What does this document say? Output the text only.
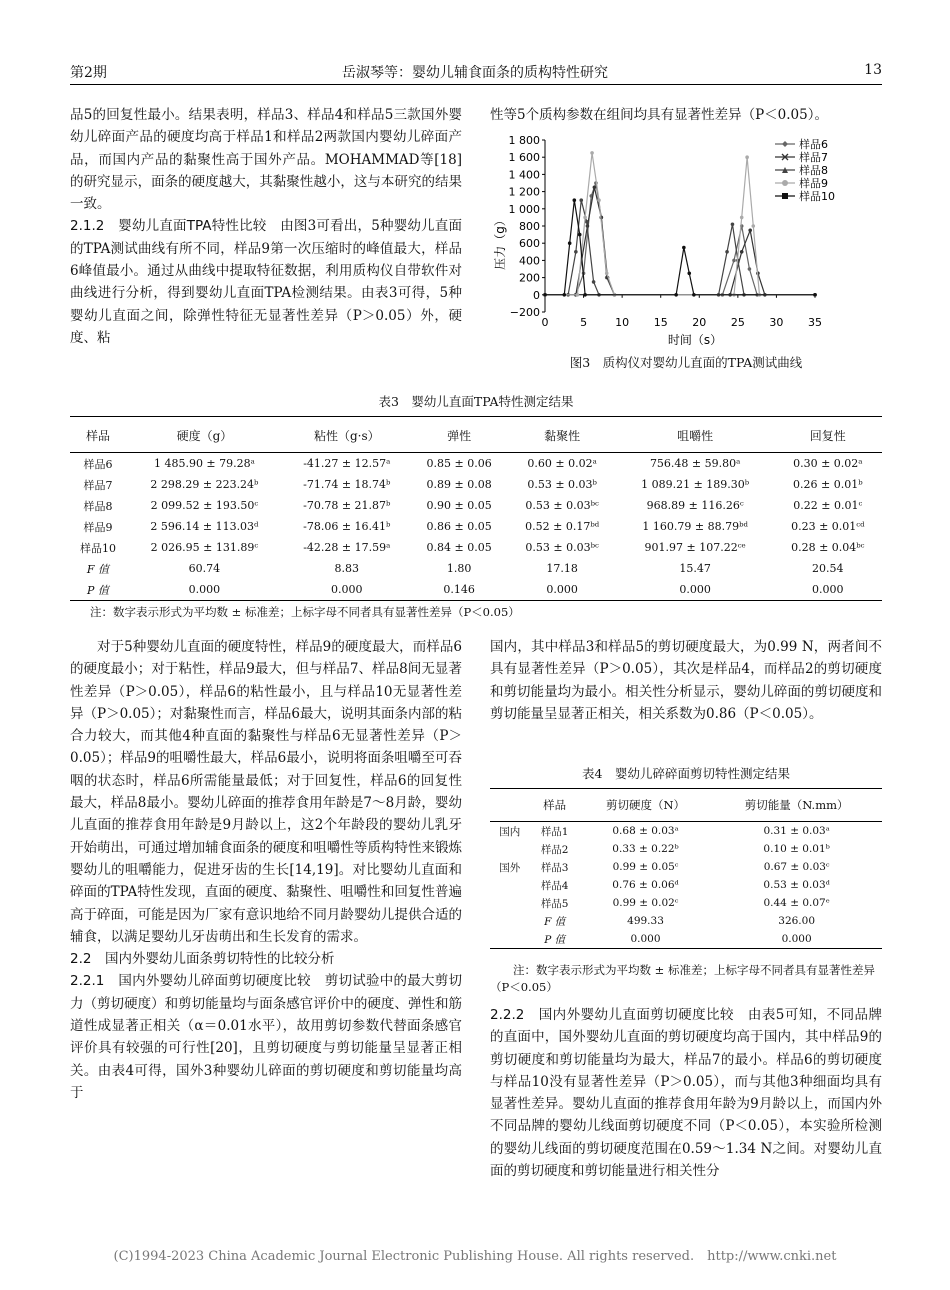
第2期	岳淑琴等：婴幼儿辅食面条的质构特性研究	13

品5的回复性最小。结果表明，样品3、样品4和样品5三款国外婴幼儿碎面产品的硬度均高于样品1和样品2两款国内婴幼儿碎面产品，而国内产品的黏聚性高于国外产品。MOHAMMAD等[18]的研究显示，面条的硬度越大，其黏聚性越小，这与本研究的结果一致。

2.1.2　婴幼儿直面TPA特性比较　由图3可看出，5种婴幼儿直面的TPA测试曲线有所不同，样品9第一次压缩时的峰值最大，样品6峰值最小。通过从曲线中提取特征数据，利用质构仪自带软件对曲线进行分析，得到婴幼儿直面TPA检测结果。由表3可得，5种婴幼儿直面之间，除弹性特征无显著性差异（P＞0.05）外，硬度、粘

性等5个质构参数在组间均具有显著性差异（P＜0.05）。

−200
0
200
400
600
800
1 000
1 200
1 400
1 600
1 800
0	5	10 15 20 25 30 35
样品6
样品7
样品8
样品9
样品10
压力（g）
时间（s）
图3　质构仪对婴幼儿直面的TPA测试曲线
表3　婴幼儿直面TPA特性测定结果
样品	硬度（g）	粘性（g·s）	弹性	黏聚性	咀嚼性	回复性
样品6	1 485.90 ± 79.28ᵃ	-41.27 ± 12.57ᵃ	0.85 ± 0.06	0.60 ± 0.02ᵃ	756.48 ± 59.80ᵃ	0.30 ± 0.02ᵃ
样品7	2 298.29 ± 223.24ᵇ	-71.74 ± 18.74ᵇ	0.89 ± 0.08	0.53 ± 0.03ᵇ	1 089.21 ± 189.30ᵇ	0.26 ± 0.01ᵇ
样品8	2 099.52 ± 193.50ᶜ	-70.78 ± 21.87ᵇ	0.90 ± 0.05	0.53 ± 0.03ᵇᶜ	968.89 ± 116.26ᶜ	0.22 ± 0.01ᶜ
样品9	2 596.14 ± 113.03ᵈ	-78.06 ± 16.41ᵇ	0.86 ± 0.05	0.52 ± 0.17ᵇᵈ	1 160.79 ± 88.79ᵇᵈ	0.23 ± 0.01ᶜᵈ
样品10	2 026.95 ± 131.89ᶜ	-42.28 ± 17.59ᵃ	0.84 ± 0.05	0.53 ± 0.03ᵇᶜ	901.97 ± 107.22ᶜᵉ	0.28 ± 0.04ᵇᶜ
F 值	60.74	8.83	1.80	17.18	15.47	20.54
P 值	0.000	0.000	0.146	0.000	0.000	0.000
注：数字表示形式为平均数 ± 标准差；上标字母不同者具有显著性差异（P＜0.05）

对于5种婴幼儿直面的硬度特性，样品9的硬度最大，而样品6的硬度最小；对于粘性，样品9最大，但与样品7、样品8间无显著性差异（P＞0.05），样品6的粘性最小，且与样品10无显著性差异（P＞0.05）；对黏聚性而言，样品6最大，说明其面条内部的粘合力较大，而其他4种直面的黏聚性与样品6无显著性差异（P＞0.05）；样品9的咀嚼性最大，样品6最小，说明将面条咀嚼至可吞咽的状态时，样品6所需能量最低；对于回复性，样品6的回复性最大，样品8最小。婴幼儿碎面的推荐食用年龄是7～8月龄，婴幼儿直面的推荐食用年龄是9月龄以上，这2个年龄段的婴幼儿乳牙开始萌出，可通过增加辅食面条的硬度和咀嚼性等质构特性来锻炼婴幼儿的咀嚼能力，促进牙齿的生长[14,19]。对比婴幼儿直面和碎面的TPA特性发现，直面的硬度、黏聚性、咀嚼性和回复性普遍高于碎面，可能是因为厂家有意识地给不同月龄婴幼儿提供合适的辅食，以满足婴幼儿牙齿萌出和生长发育的需求。

2.2　国内外婴幼儿面条剪切特性的比较分析

2.2.1　国内外婴幼儿碎面剪切硬度比较　剪切试验中的最大剪切力（剪切硬度）和剪切能量均与面条感官评价中的硬度、弹性和筋道性成显著正相关（α＝0.01水平），故用剪切参数代替面条感官评价具有较强的可行性[20]，且剪切硬度与剪切能量呈显著正相关。由表4可得，国外3种婴幼儿碎面的剪切硬度和剪切能量均高于

国内，其中样品3和样品5的剪切硬度最大，为0.99 N，两者间不具有显著性差异（P＞0.05），其次是样品4，而样品2的剪切硬度和剪切能量均为最小。相关性分析显示，婴幼儿碎面的剪切硬度和剪切能量呈显著正相关，相关系数为0.86（P＜0.05）。

表4　婴幼儿碎碎面剪切特性测定结果
	样品	剪切硬度（N）	剪切能量（N.mm）
国内	样品1	0.68 ± 0.03ᵃ	0.31 ± 0.03ᵃ
	样品2	0.33 ± 0.22ᵇ	0.10 ± 0.01ᵇ
国外	样品3	0.99 ± 0.05ᶜ	0.67 ± 0.03ᶜ
	样品4	0.76 ± 0.06ᵈ	0.53 ± 0.03ᵈ
	样品5	0.99 ± 0.02ᶜ	0.44 ± 0.07ᵉ
	F 值	499.33	326.00
	P 值	0.000	0.000
注：数字表示形式为平均数 ± 标准差；上标字母不同者具有显著性差异（P＜0.05）

2.2.2　国内外婴幼儿直面剪切硬度比较　由表5可知，不同品牌的直面中，国外婴幼儿直面的剪切硬度均高于国内，其中样品9的剪切硬度和剪切能量均为最大，样品7的最小。样品6的剪切硬度与样品10没有显著性差异（P＞0.05），而与其他3种细面均具有显著性差异。婴幼儿直面的推荐食用年龄为9月龄以上，而国内外不同品牌的婴幼儿线面剪切硬度不同（P＜0.05），本实验所检测的婴幼儿线面的剪切硬度范围在0.59～1.34 N之间。对婴幼儿直面的剪切硬度和剪切能量进行相关性分

(C)1994-2023 China Academic Journal Electronic Publishing House. All rights reserved.　http://www.cnki.net
